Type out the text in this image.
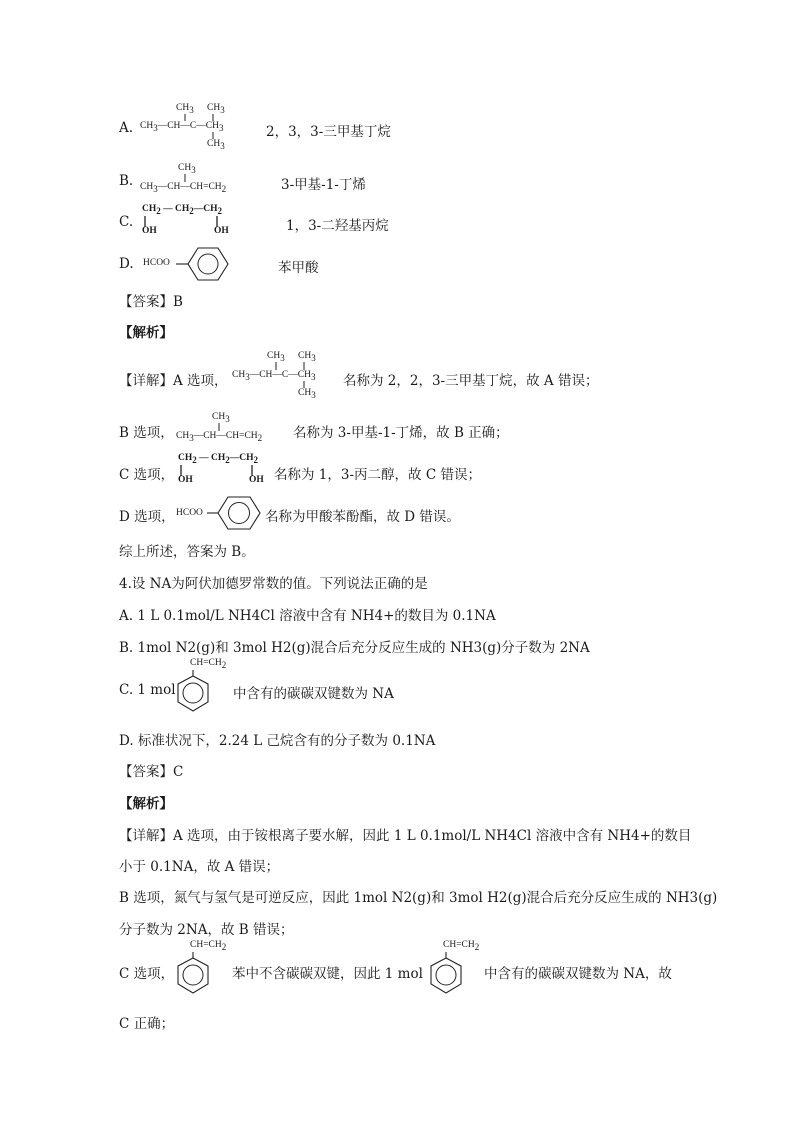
A.
$CH_3$ $CH_3$
$CH_3—CH—C—CH_3$
$CH_3$
2，3，3-三甲基丁烷
B.
$CH_3$
$CH_3—CH—CH=CH_2$	3-甲基-1-丁烯
C.
$CH_2$ — $CH_2—CH_2$
OH	OH	1，3-二羟基丙烷
D. HCOO	苯甲酸
【答案】B
【解析】
【详解】A 选项，
$CH_3$ $CH_3$
$CH_3—CH—C—CH_3$
$CH_3$
名称为 2，2，3-三甲基丁烷，故 A 错误；
B 选项，
$CH_3$
$CH_3—CH—CH=CH_2$ 名称为 3-甲基-1-丁烯，故 B 正确；
C 选项，
$CH_2$ — $CH_2—CH_2$
OH	OH 名称为 1，3-丙二醇，故 C 错误；
D 选项， HCOO	名称为甲酸苯酚酯，故 D 错误。
综上所述，答案为 B。
4.设 NA为阿伏加德罗常数的值。下列说法正确的是
A. 1 L 0.1mol/L NH4Cl 溶液中含有 NH4+的数目为 0.1NA
B. 1mol N2(g)和 3mol H2(g)混合后充分反应生成的 NH3(g)分子数为 2NA
C. 1 mol
$CH=CH_2$
中含有的碳碳双键数为 NA
D. 标准状况下，2.24 L 己烷含有的分子数为 0.1NA
【答案】C
【解析】
【详解】A 选项，由于铵根离子要水解，因此 1 L 0.1mol/L NH4Cl 溶液中含有 NH4+的数目
小于 0.1NA，故 A 错误；
B 选项，氮气与氢气是可逆反应，因此 1mol N2(g)和 3mol H2(g)混合后充分反应生成的 NH3(g)
分子数为 2NA，故 B 错误；
C 选项，
$CH=CH_2$
苯中不含碳碳双键，因此 1 mol
$CH=CH_2$
中含有的碳碳双键数为 NA，故
C 正确；
